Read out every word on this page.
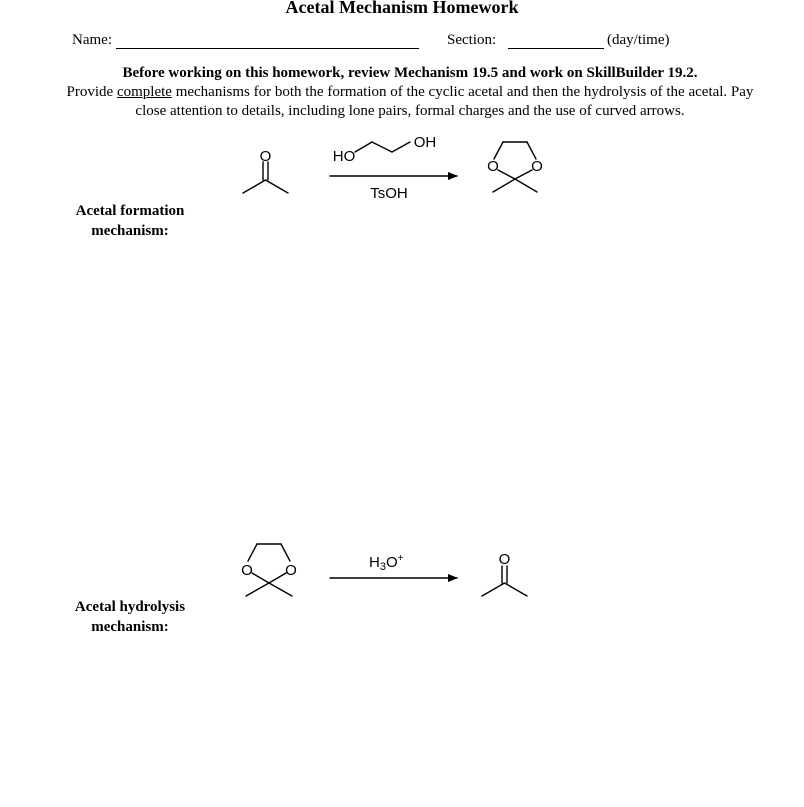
Acetal Mechanism Homework
Name:	Section:	(day/time)
Before working on this homework, review Mechanism 19.5 and work on SkillBuilder 19.2.
Provide complete mechanisms for both the formation of the cyclic acetal and then the hydrolysis of the acetal. Pay close attention to details, including lone pairs, formal charges and the use of curved arrows.
Acetal formation
mechanism:
Acetal hydrolysis
mechanism:
O	HO
OH
TsOH
O O
O O
O
$H_3O^+$
